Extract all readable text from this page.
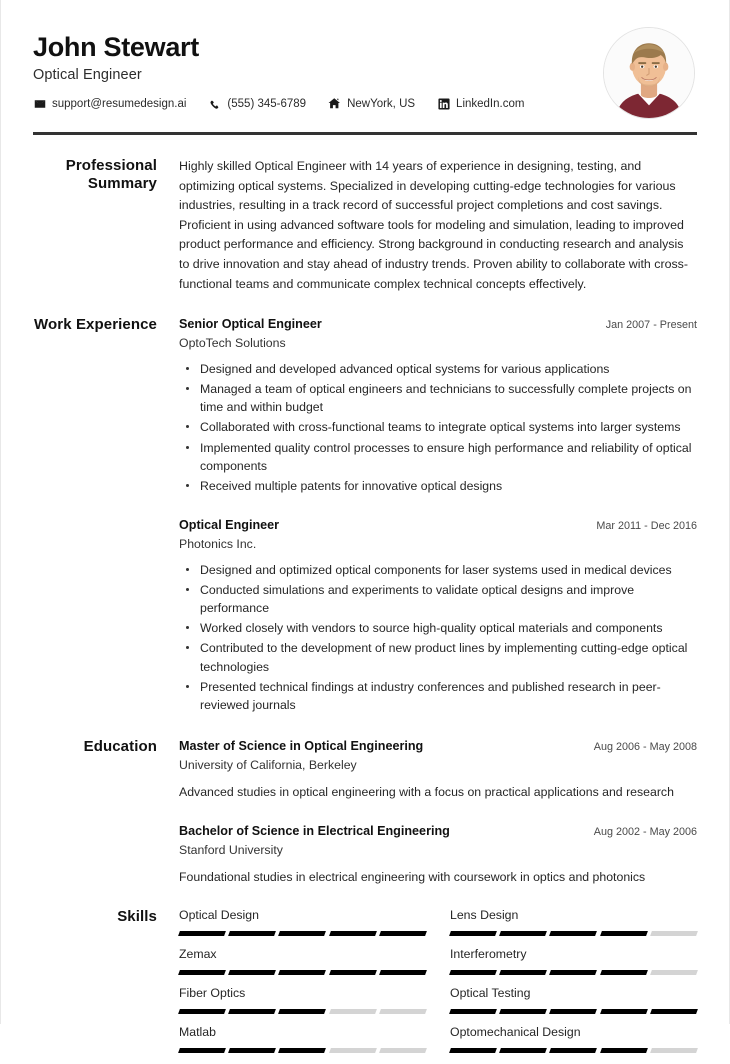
John Stewart
Optical Engineer
support@resumedesign.ai	(555) 345-6789	NewYork, US	LinkedIn.com
Professional Summary
Highly skilled Optical Engineer with 14 years of experience in designing, testing, and optimizing optical systems. Specialized in developing cutting-edge technologies for various industries, resulting in a track record of successful project completions and cost savings. Proficient in using advanced software tools for modeling and simulation, leading to improved product performance and efficiency. Strong background in conducting research and analysis to drive innovation and stay ahead of industry trends. Proven ability to collaborate with cross-functional teams and communicate complex technical concepts effectively.
Work Experience	Senior Optical Engineer	Jan 2007 - Present
OptoTech Solutions
Designed and developed advanced optical systems for various applications
Managed a team of optical engineers and technicians to successfully complete projects on time and within budget
Collaborated with cross-functional teams to integrate optical systems into larger systems
Implemented quality control processes to ensure high performance and reliability of optical components
Received multiple patents for innovative optical designs
Optical Engineer	Mar 2011 - Dec 2016
Photonics Inc.
Designed and optimized optical components for laser systems used in medical devices
Conducted simulations and experiments to validate optical designs and improve performance
Worked closely with vendors to source high-quality optical materials and components
Contributed to the development of new product lines by implementing cutting-edge optical technologies
Presented technical findings at industry conferences and published research in peer-reviewed journals
Education	Master of Science in Optical Engineering	Aug 2006 - May 2008
University of California, Berkeley
Advanced studies in optical engineering with a focus on practical applications and research
Bachelor of Science in Electrical Engineering	Aug 2002 - May 2006
Stanford University
Foundational studies in electrical engineering with coursework in optics and photonics
Skills	Optical Design	Lens Design
Zemax	Interferometry
Fiber Optics	Optical Testing
Matlab	Optomechanical Design
